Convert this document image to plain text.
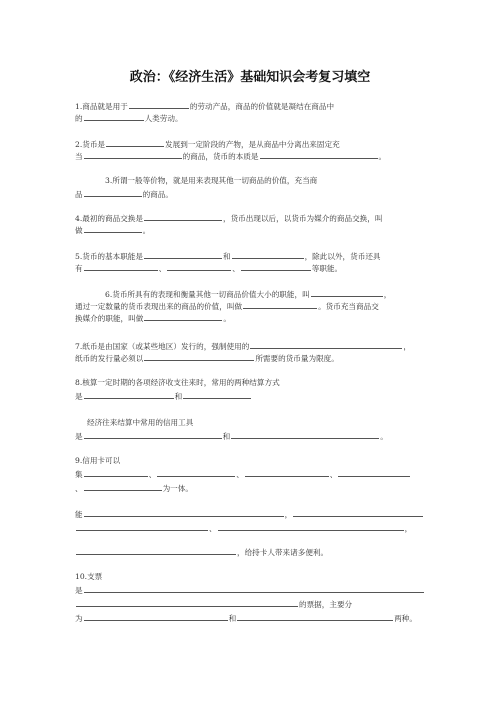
政治：《经济生活》基础知识会考复习填空
1.商品就是用于	的劳动产品，商品的价值就是凝结在商品中
的	人类劳动。
2.货币是	发展到一定阶段的产物，是从商品中分离出来固定充
当	的商品，货币的本质是	。
3.所谓一般等价物，就是用来表现其他一切商品的价值，充当商
品	的商品。
4.最初的商品交换是	，货币出现以后，以货币为媒介的商品交换，叫
做	。
5.货币的基本职能是	和	，除此以外，货币还具
有	、	、	等职能。
6.货币所具有的表现和衡量其他一切商品价值大小的职能，叫	，
通过一定数量的货币表现出来的商品的价值，叫做	。货币充当商品交
换媒介的职能，叫做	。
7.纸币是由国家（或某些地区）发行的，强制使用的	，
纸币的发行量必须以	所需要的货币量为限度。
8.核算一定时期的各项经济收支往来时，常用的两种结算方式
是	和
经济往来结算中常用的信用工具
是	和	。
9.信用卡可以
集	、	、	、
、	为一体。
能	，
、	，
，给持卡人带来诸多便利。
10.支票
是
的票据，主要分
为	和	两种。
